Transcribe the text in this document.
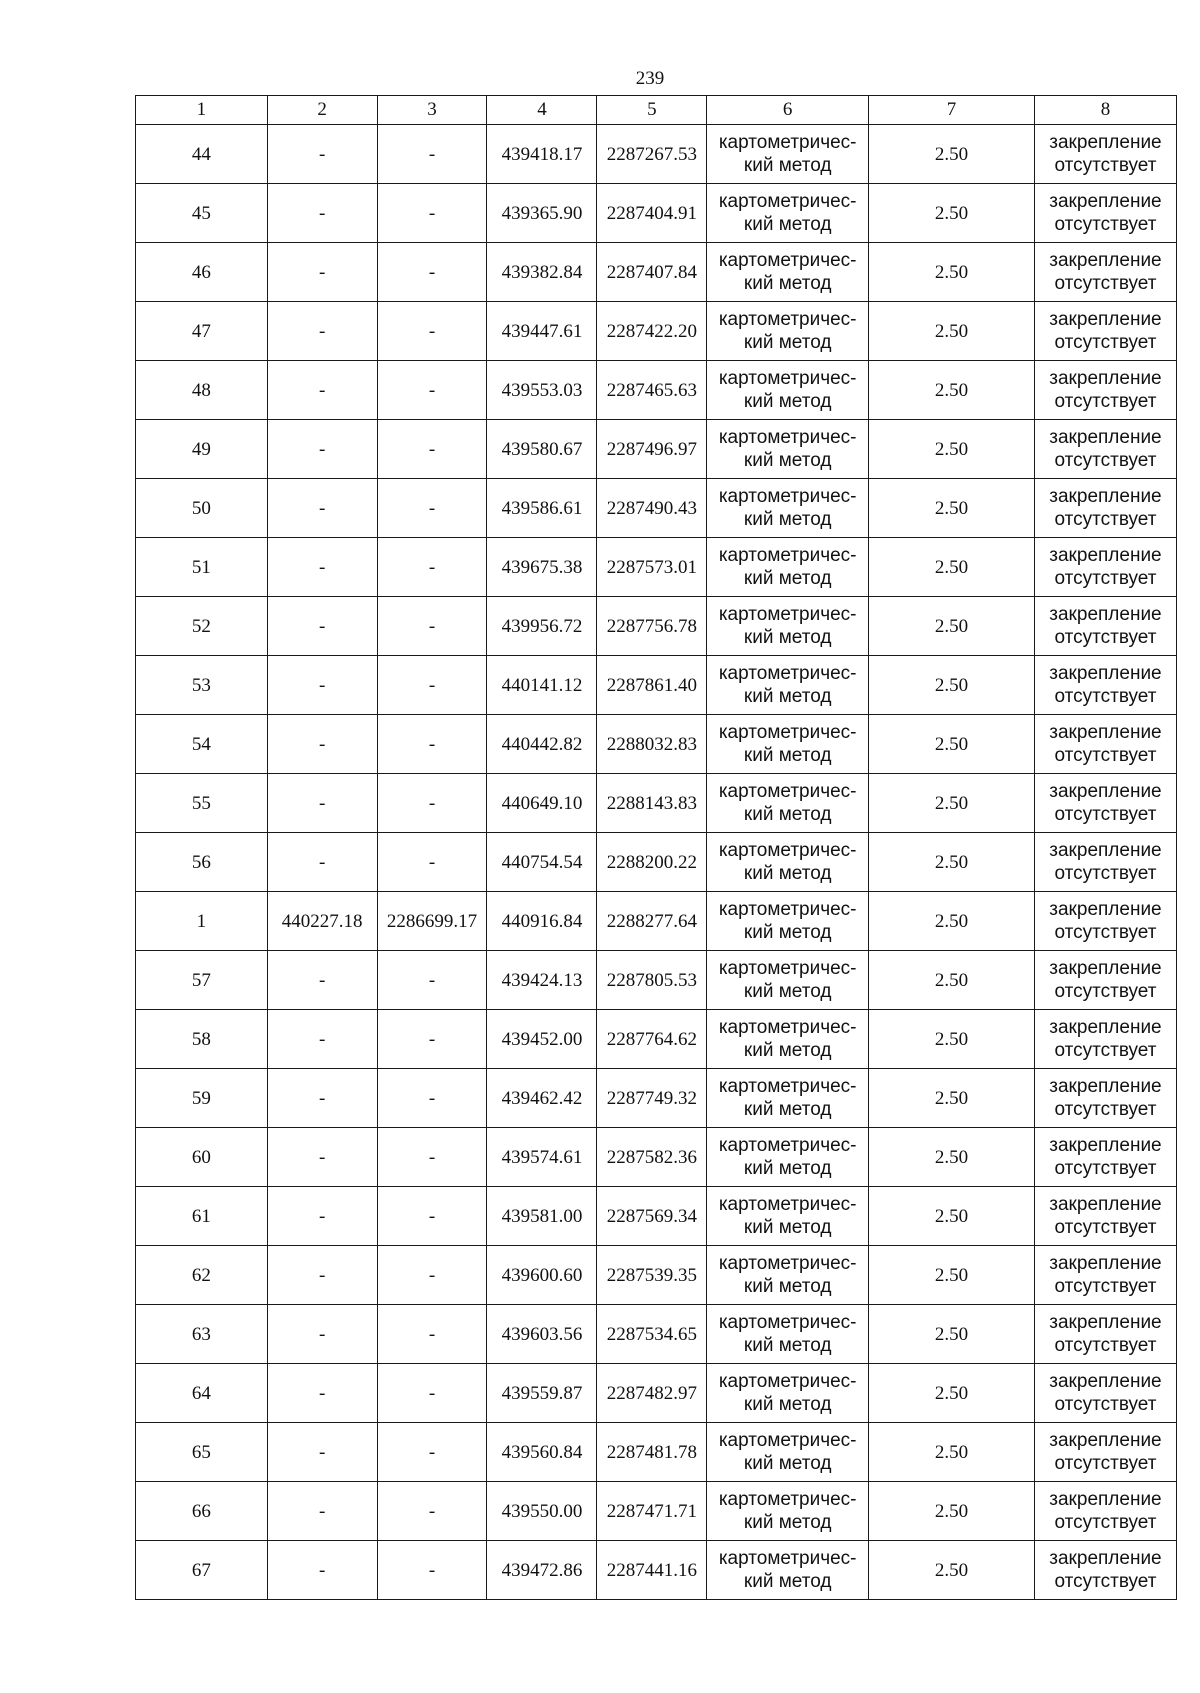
239
1	2	3	4	5	6	7	8
44	-	-	439418.17	2287267.53	картометричес-
кий метод	2.50	закрепление
отсутствует

45	-	-	439365.90	2287404.91	картометричес-
кий метод	2.50	закрепление
отсутствует

46	-	-	439382.84	2287407.84	картометричес-
кий метод	2.50	закрепление
отсутствует

47	-	-	439447.61	2287422.20	картометричес-
кий метод	2.50	закрепление
отсутствует

48	-	-	439553.03	2287465.63	картометричес-
кий метод	2.50	закрепление
отсутствует

49	-	-	439580.67	2287496.97	картометричес-
кий метод	2.50	закрепление
отсутствует

50	-	-	439586.61	2287490.43	картометричес-
кий метод	2.50	закрепление
отсутствует

51	-	-	439675.38	2287573.01	картометричес-
кий метод	2.50	закрепление
отсутствует

52	-	-	439956.72	2287756.78	картометричес-
кий метод	2.50	закрепление
отсутствует

53	-	-	440141.12	2287861.40	картометричес-
кий метод	2.50	закрепление
отсутствует

54	-	-	440442.82	2288032.83	картометричес-
кий метод	2.50	закрепление
отсутствует

55	-	-	440649.10	2288143.83	картометричес-
кий метод	2.50	закрепление
отсутствует

56	-	-	440754.54	2288200.22	картометричес-
кий метод	2.50	закрепление
отсутствует

1	440227.18	2286699.17	440916.84	2288277.64	картометричес-
кий метод	2.50	закрепление
отсутствует

57	-	-	439424.13	2287805.53	картометричес-
кий метод	2.50	закрепление
отсутствует

58	-	-	439452.00	2287764.62	картометричес-
кий метод	2.50	закрепление
отсутствует

59	-	-	439462.42	2287749.32	картометричес-
кий метод	2.50	закрепление
отсутствует

60	-	-	439574.61	2287582.36	картометричес-
кий метод	2.50	закрепление
отсутствует

61	-	-	439581.00	2287569.34	картометричес-
кий метод	2.50	закрепление
отсутствует

62	-	-	439600.60	2287539.35	картометричес-
кий метод	2.50	закрепление
отсутствует

63	-	-	439603.56	2287534.65	картометричес-
кий метод	2.50	закрепление
отсутствует

64	-	-	439559.87	2287482.97	картометричес-
кий метод	2.50	закрепление
отсутствует

65	-	-	439560.84	2287481.78	картометричес-
кий метод	2.50	закрепление
отсутствует

66	-	-	439550.00	2287471.71	картометричес-
кий метод	2.50	закрепление
отсутствует

67	-	-	439472.86	2287441.16	картометричес-
кий метод	2.50	закрепление
отсутствует
